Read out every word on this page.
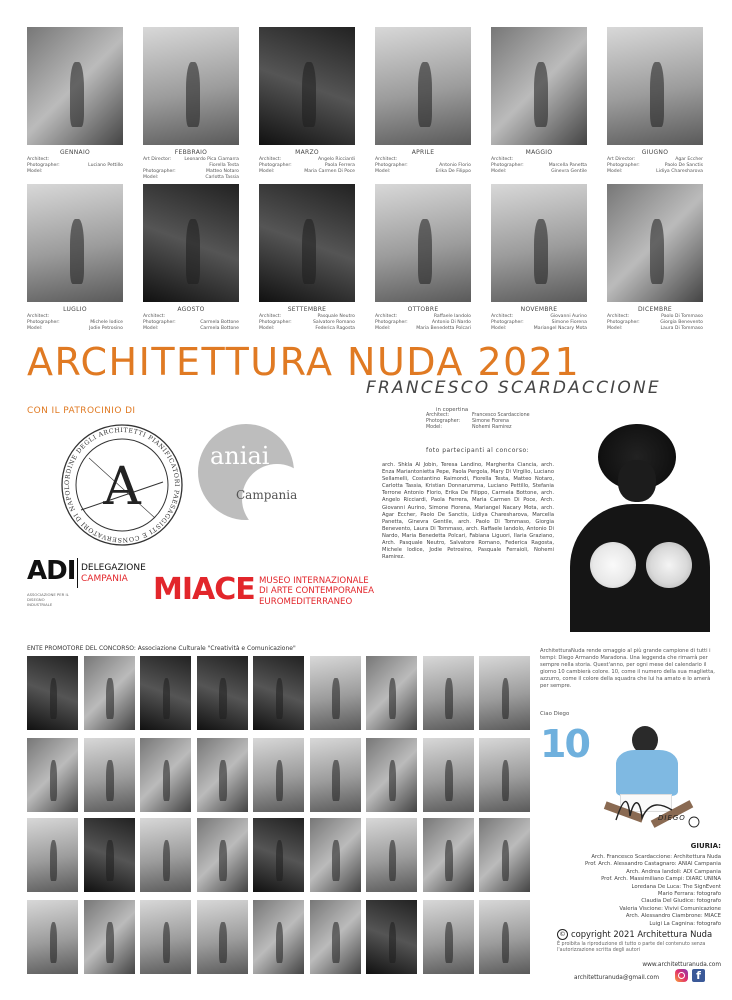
GENNAIO
Architect:
Photographer:	Luciano Pettillo
Model:
FEBBRAIO
Art Director:	Leonardo Pica Ciamarra
Fiorella Testa
Photographer:	Matteo Notaro
Model:	Carlotta Tassia
MARZO
Architect:	Angelo Ricciardi
Photographer:	Paola Ferrera
Model:	Maria Carmen Di Poce
APRILE
Architect:
Photographer:	Antonio Florio
Model:	Erika De Filippo
MAGGIO
Architect:
Photographer:	Marcella Panetta
Model:	Ginevra Gentile
GIUGNO
Art Director:	Agar Eccher
Photographer:	Paolo De Sanctis
Model:	Lidiya Charesharova
LUGLIO
Architect:
Photographer:	Michele Iodice
Model:	Jodie Petrosino
AGOSTO
Architect:
Photographer:	Carmela Bottone
Model:	Carmela Bottone
SETTEMBRE
Architect:	Pasquale Neutro
Photographer:	Salvatore Romano
Model:	Federica Ragosta
OTTOBRE
Architect:	Raffaele Iandolo
Photographer:	Antonio Di Nardo
Model:	Maria Benedetta Polcari
NOVEMBRE
Architect:	Giovanni Aurino
Photographer:	Simone Fiorena
Model:	Mariangel Nacary Mota
DICEMBRE
Architect:	Paolo Di Tommaso
Photographer:	Giorgia Benevento
Model:	Laura Di Tommaso
ARCHITETTURA NUDA 2021
FRANCESCO SCARDACCIONE
CON IL PATROCINIO DI
ORDINE DEGLI ARCHITETTI PIANIFICATORI PAESAGGISTI E CONSERVATORI DI NAPOL A
aniai
Campania
ADI DELEGAZIONE
CAMPANIA
ASSOCIAZIONE PER IL DISEGNO INDUSTRIALE	MIACE MUSEO INTERNAZIONALE
DI ARTE CONTEMPORANEA
EUROMEDITERRANEO
in copertina
Architect:	Francesco Scardaccione
Photographer:	Simone Fiorena
Model:	Nohemi Ramirez
foto partecipanti al concorso:
arch. Shkla Al Jobin, Teresa Landino, Margherita Ciancia, arch. Enza Mariantonietta Pepe, Paola Pergola, Mary Di Virgilio, Luciano Sellamelli, Costantino Raimondi, Fiorella Testa, Matteo Notaro, Carlotta Tassia, Kristian Donnarumma, Luciano Pettillo, Stefania Terrone Antonio Florio, Erika De Filippo, Carmela Bottone, arch. Angelo Ricciardi, Paola Ferrera, Maria Carmen Di Poce, Arch. Giovanni Aurino, Simone Fiorena, Mariangel Nacary Mota, arch. Agar Eccher, Paolo De Sanctis, Lidiya Charesharova, Marcella Panetta, Ginevra Gentile, arch. Paolo Di Tommaso, Giorgia Benevento, Laura Di Tommaso, arch. Raffaele Iandolo, Antonio Di Nardo, Maria Benedetta Polcari, Fabiana Liguori, Ilaria Graziano, Arch. Pasquale Neutro, Salvatore Romano, Federica Ragosta, Michele Iodice, Jodie Petrosino, Pasquale Ferraioli, Nohemi Ramirez.
ENTE PROMOTORE DEL CONCORSO: Associazione Culturale "Creatività e Comunicazione"	ArchitetturaNuda rende omaggio al più grande campione di tutti i tempi: Diego Armando Maradona. Una leggenda che rimarrà per sempre nella storia. Quest'anno, per ogni mese del calendario il giorno 10 cambierà colore. 10, come il numero della sua maglietta, azzurro, come il colore della squadra che lui ha amato e lo amerà per sempre.
Ciao Diego
10
DIEGO
GIURIA:
Arch. Francesco Scardaccione: Architettura Nuda
Prof. Arch. Alessandro Castagnaro: ANIAI Campania
Arch. Andrea Iandoli: ADI Campania
Prof. Arch. Massimiliano Campi: DIARC UNINA
Loredana De Luca: The SignEvent
Mario Ferrara: fotografo
Claudia Del Giudice: fotografo
Valeria Viscione: Vivivi Comunicazione
Arch. Alessandro Ciambrone: MIACE
Luigi La Cagnina: fotografo
© copyright 2021 Architettura Nuda
È proibita la riproduzione di tutto o parte del contenuto senza l'autorizzazione scritta degli autori
www.architetturanuda.com
architetturanuda@gmail.com	f
